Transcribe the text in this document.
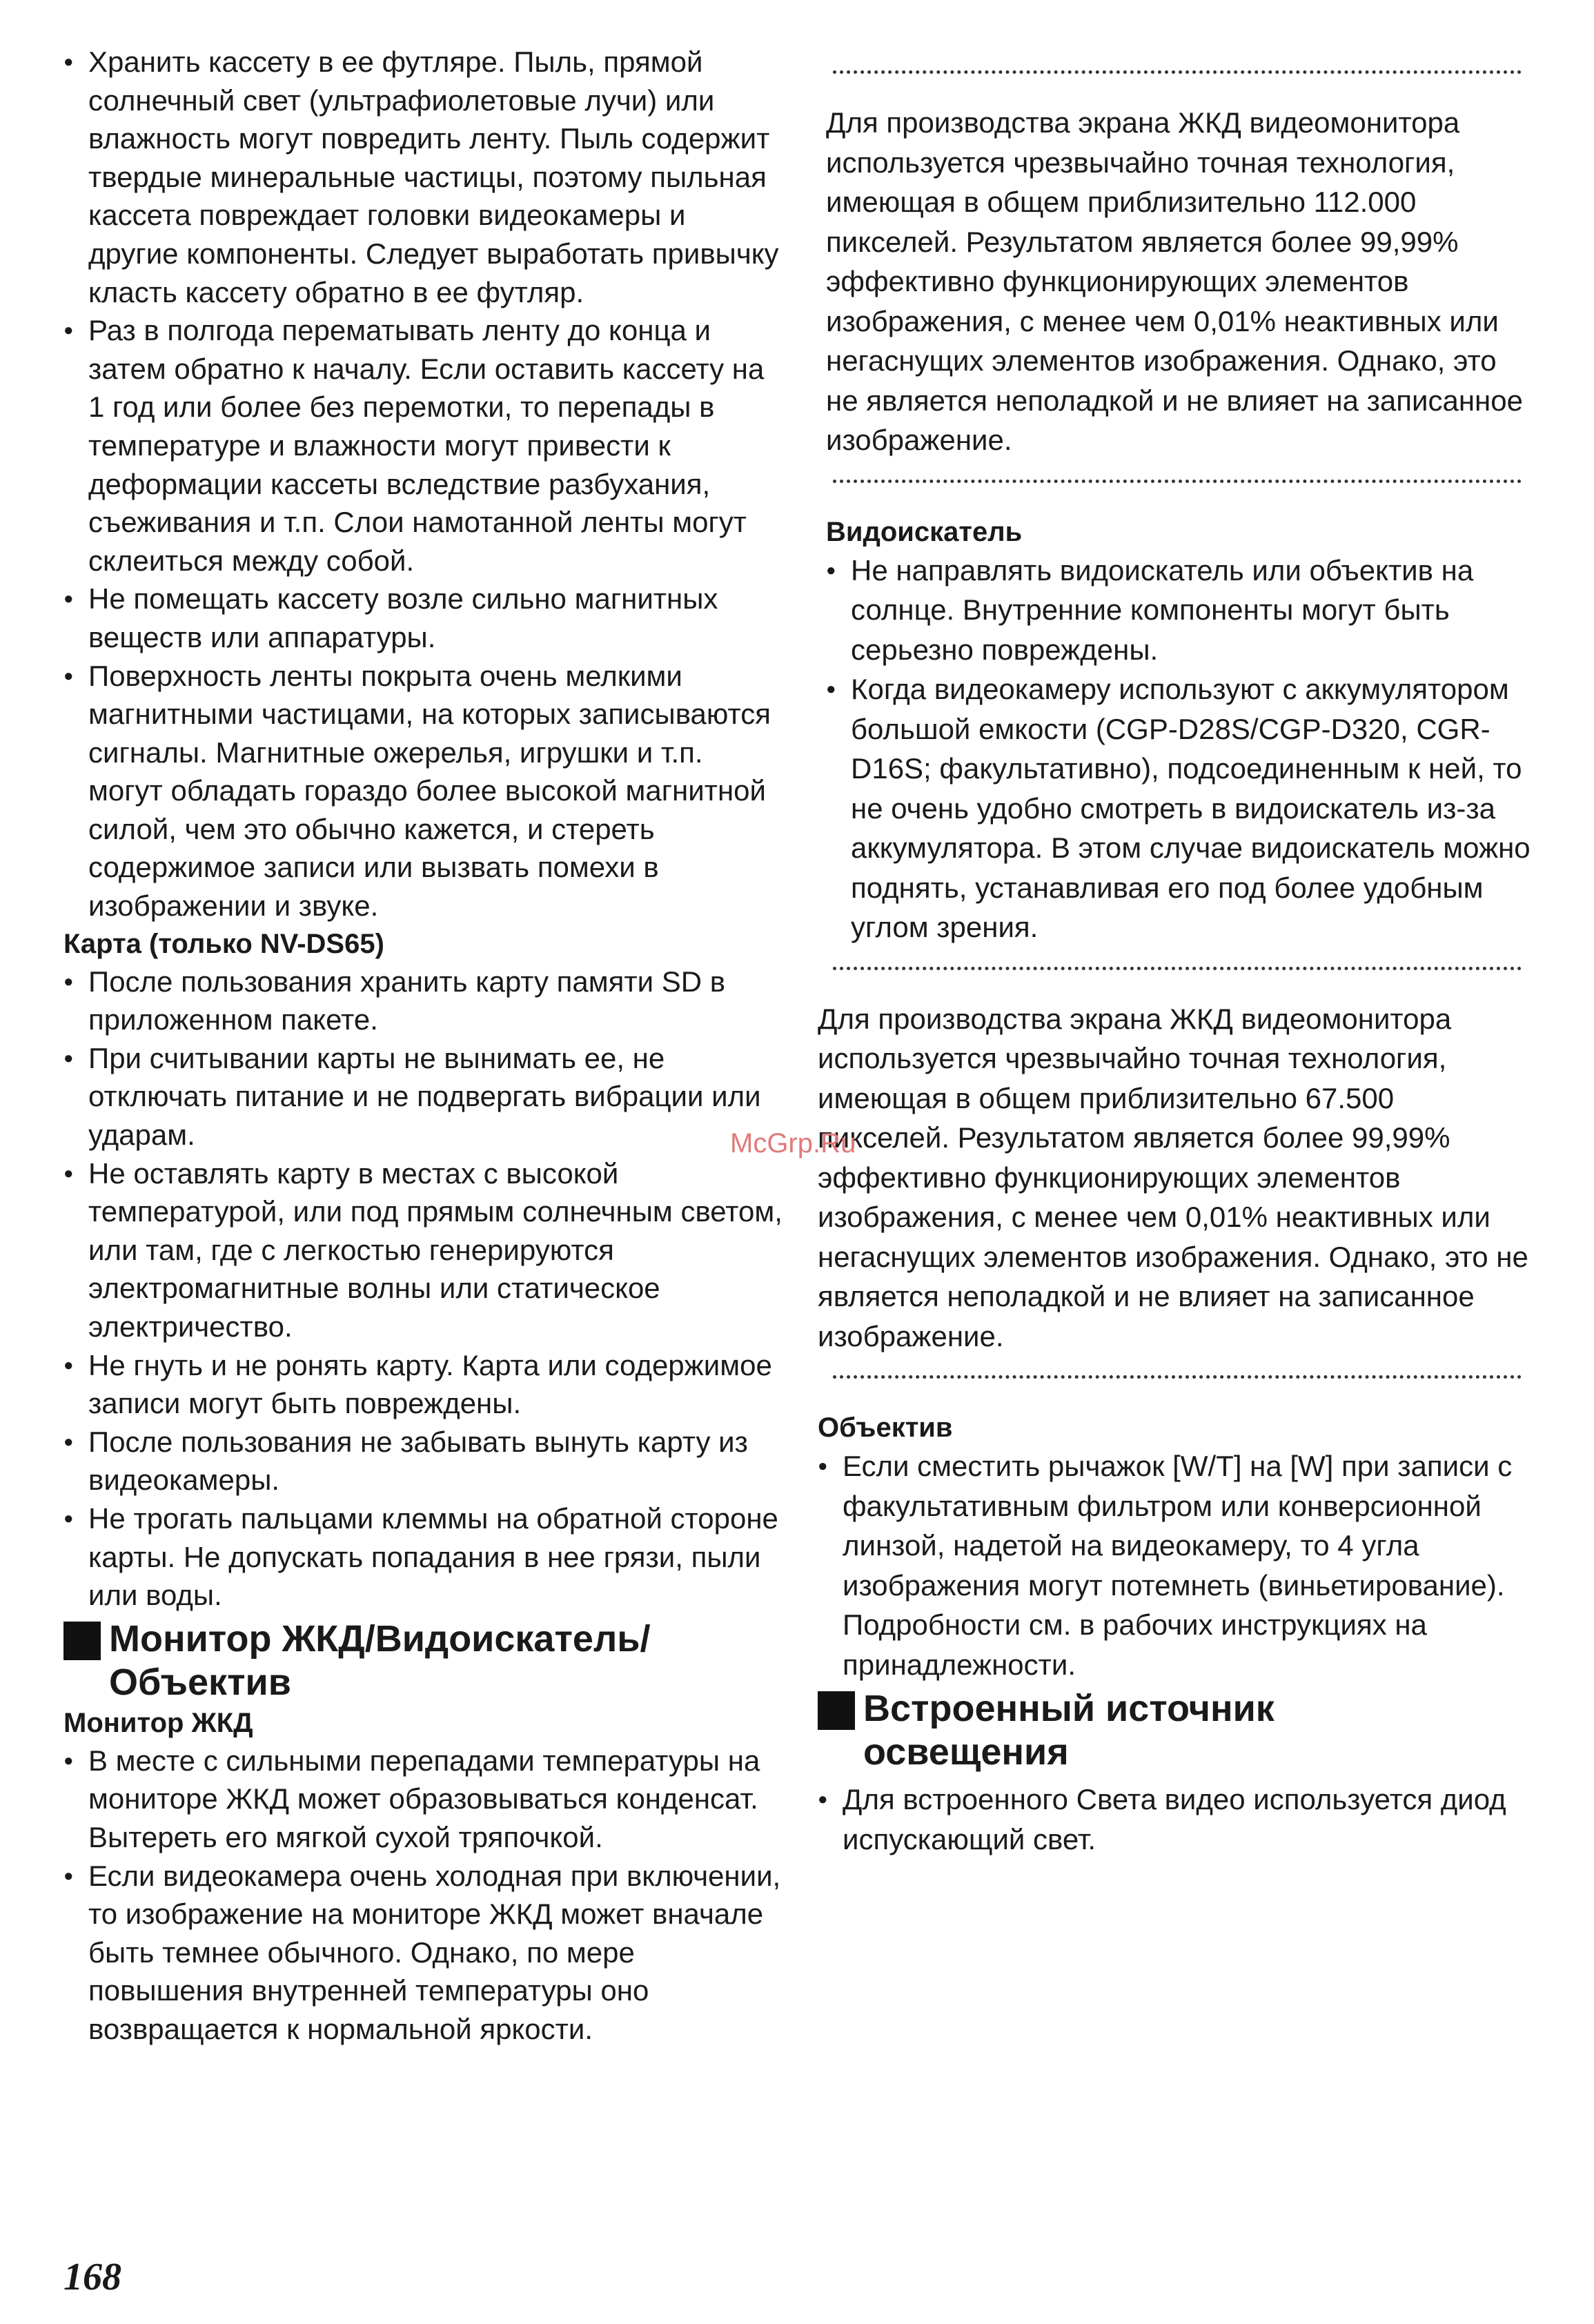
● Хранить кассету в ее футляре. Пыль, прямой солнечный свет (ультрафиолетовые лучи) или влажность могут повредить ленту. Пыль содержит твердые минеральные частицы, поэтому пыльная кассета повреждает головки видеокамеры и другие компоненты. Следует выработать привычку класть кассету обратно в ее футляр.

● Раз в полгода перематывать ленту до конца и затем обратно к началу. Если оставить кассету на 1 год или более без перемотки, то перепады в температуре и влажности могут привести к деформации кассеты вследствие разбухания, съеживания и т.п. Слои намотанной ленты могут склеиться между собой.

● Не помещать кассету возле сильно магнитных веществ или аппаратуры.

● Поверхность ленты покрыта очень мелкими магнитными частицами, на которых записываются сигналы. Магнитные ожерелья, игрушки и т.п. могут обладать гораздо более высокой магнитной силой, чем это обычно кажется, и стереть содержимое записи или вызвать помехи в изображении и звуке.

Карта (только NV-DS65)

● После пользования хранить карту памяти SD в приложенном пакете.

● При считывании карты не вынимать ее, не отключать питание и не подвергать вибрации или ударам.

● Не оставлять карту в местах с высокой температурой, или под прямым солнечным светом, или там, где с легкостью генерируются электромагнитные волны или статическое электричество.

● Не гнуть и не ронять карту. Карта или содержимое записи могут быть повреждены.

● После пользования не забывать вынуть карту из видеокамеры.

● Не трогать пальцами клеммы на обратной стороне карты. Не допускать попадания в нее грязи, пыли или воды.

Монитор ЖКД/Видоискатель/ Объектив

Монитор ЖКД

● В месте с сильными перепадами температуры на мониторе ЖКД может образовываться конденсат. Вытереть его мягкой сухой тряпочкой.

● Если видеокамера очень холодная при включении, то изображение на мониторе ЖКД может вначале быть темнее обычного. Однако, по мере повышения внутренней температуры оно возвращается к нормальной яркости.

Для производства экрана ЖКД видеомонитора используется чрезвычайно точная технология, имеющая в общем приблизительно 112.000 пикселей. Результатом является более 99,99% эффективно функционирующих элементов изображения, с менее чем 0,01% неактивных или негаснущих элементов изображения. Однако, это не является неполадкой и не влияет на записанное изображение.

Видоискатель

● Не направлять видоискатель или объектив на солнце. Внутренние компоненты могут быть серьезно повреждены.

● Когда видеокамеру используют с аккумулятором большой емкости (CGP-D28S/CGP-D320, CGR-D16S; факультативно), подсоединенным к ней, то не очень удобно смотреть в видоискатель из-за аккумулятора. В этом случае видоискатель можно поднять, устанавливая его под более удобным углом зрения.

Для производства экрана ЖКД видеомонитора используется чрезвычайно точная технология, имеющая в общем приблизительно 67.500 пикселей. Результатом является более 99,99% эффективно функционирующих элементов изображения, с менее чем 0,01% неактивных или негаснущих элементов изображения. Однако, это не является неполадкой и не влияет на записанное изображение.

Объектив

● Если сместить рычажок [W/T] на [W] при записи с факультативным фильтром или конверсионной линзой, надетой на видеокамеру, то 4 угла изображения могут потемнеть (виньетирование). Подробности см. в рабочих инструкциях на принадлежности.

Встроенный источник освещения

● Для встроенного Света видео используется диод испускающий свет.

McGrp.Ru
168
